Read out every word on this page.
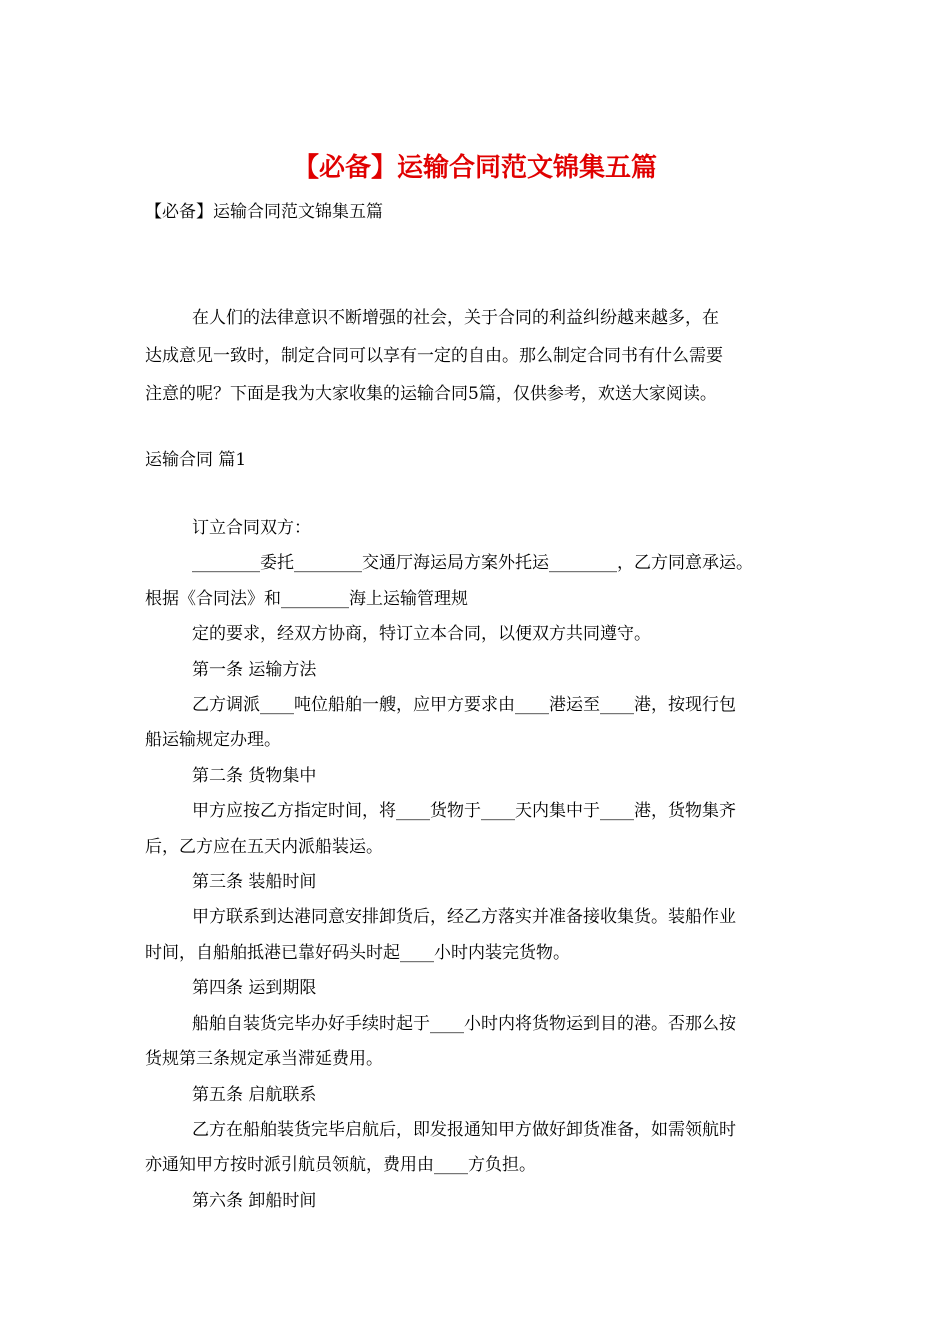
【必备】运输合同范文锦集五篇
【必备】运输合同范文锦集五篇
在人们的法律意识不断增强的社会，关于合同的利益纠纷越来越多，在
达成意见一致时，制定合同可以享有一定的自由。那么制定合同书有什么需要
注意的呢？下面是我为大家收集的运输合同5篇，仅供参考，欢送大家阅读。
运输合同 篇1
订立合同双方：
________委托________交通厅海运局方案外托运________，乙方同意承运。
根据《合同法》和________海上运输管理规
定的要求，经双方协商，特订立本合同，以便双方共同遵守。
第一条 运输方法
乙方调派____吨位船舶一艘，应甲方要求由____港运至____港，按现行包
船运输规定办理。
第二条 货物集中
甲方应按乙方指定时间，将____货物于____天内集中于____港，货物集齐
后，乙方应在五天内派船装运。
第三条 装船时间
甲方联系到达港同意安排卸货后，经乙方落实并准备接收集货。装船作业
时间，自船舶抵港已靠好码头时起____小时内装完货物。
第四条 运到期限
船舶自装货完毕办好手续时起于____小时内将货物运到目的港。否那么按
货规第三条规定承当滞延费用。
第五条 启航联系
乙方在船舶装货完毕启航后，即发报通知甲方做好卸货准备，如需领航时
亦通知甲方按时派引航员领航，费用由____方负担。
第六条 卸船时间
